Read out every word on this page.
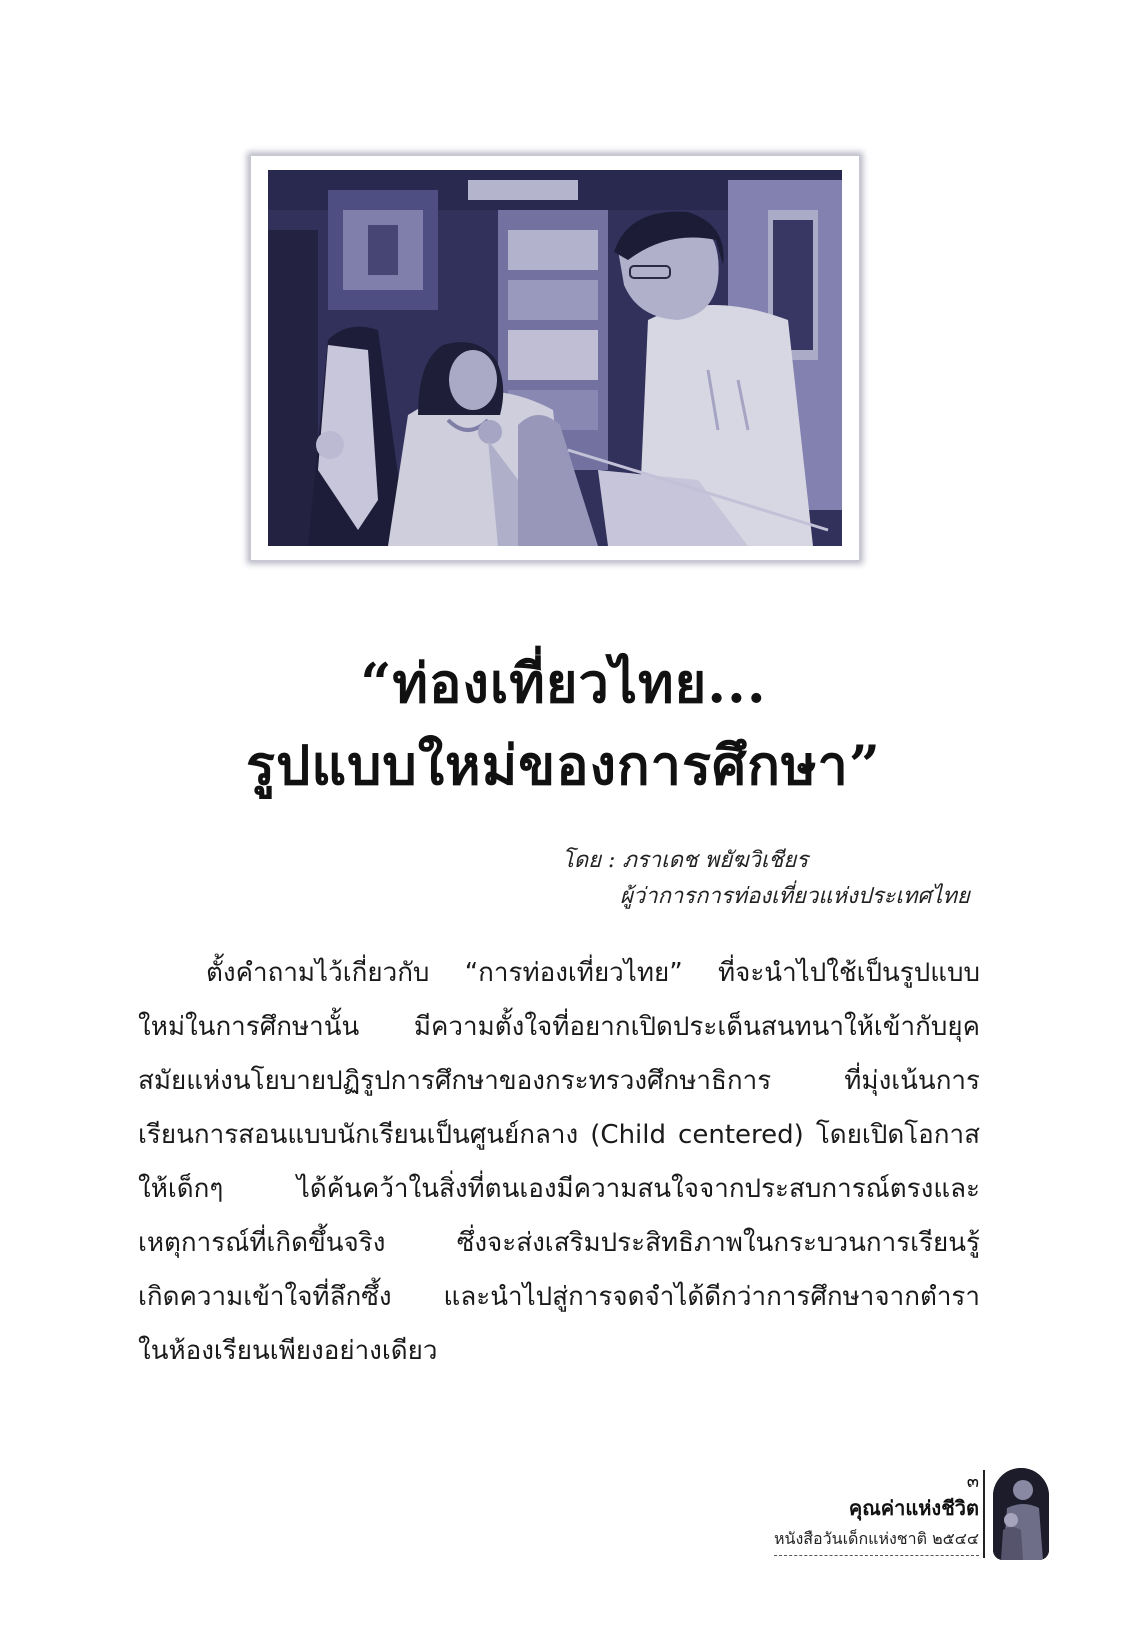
“ท่องเที่ยวไทย...
รูปแบบใหม่ของการศึกษา”
โดย : ภราเดช พยัฆวิเชียร
ผู้ว่าการการท่องเที่ยวแห่งประเทศไทย
ตั้งคำถามไว้เกี่ยวกับ “การท่องเที่ยวไทย” ที่จะนำไปใช้เป็นรูปแบบ
ใหม่ในการศึกษานั้น มีความตั้งใจที่อยากเปิดประเด็นสนทนาให้เข้ากับยุค
สมัยแห่งนโยบายปฏิรูปการศึกษาของกระทรวงศึกษาธิการ ที่มุ่งเน้นการ
เรียนการสอนแบบนักเรียนเป็นศูนย์กลาง (Child centered) โดยเปิดโอกาส
ให้เด็กๆ ได้ค้นคว้าในสิ่งที่ตนเองมีความสนใจจากประสบการณ์ตรงและ
เหตุการณ์ที่เกิดขึ้นจริง ซึ่งจะส่งเสริมประสิทธิภาพในกระบวนการเรียนรู้
เกิดความเข้าใจที่ลึกซึ้ง และนำไปสู่การจดจำได้ดีกว่าการศึกษาจากตำรา
ในห้องเรียนเพียงอย่างเดียว
๓
คุณค่าแห่งชีวิต
หนังสือวันเด็กแห่งชาติ ๒๕๔๔
